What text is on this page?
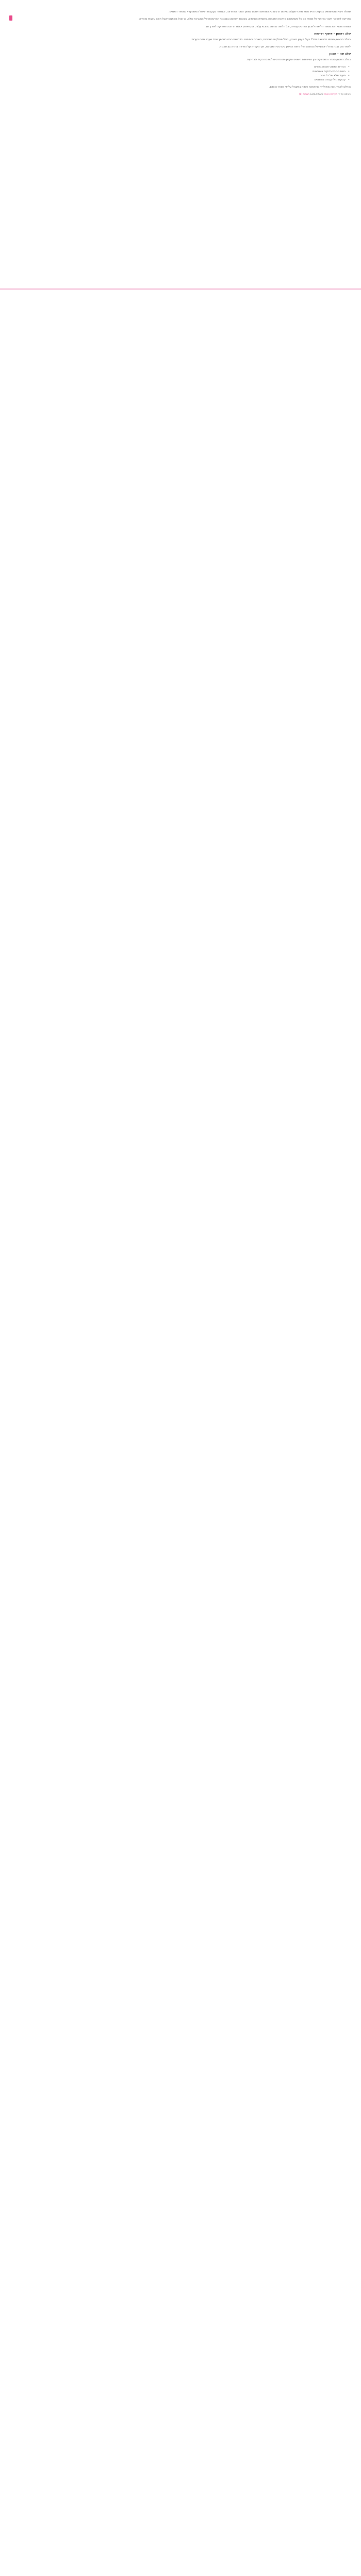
שאלת ריבוי המשתמשים במערכת היא נושא מרכזי שעלה בדיונים הרבים בין הצוותים השונים במשך השנה האחרונה, ובמיוחד בעקבות הגידול המשמעותי במספר המנויים.

הדרישה לאפשר חיבור בו־זמני של מספר רב של משתמשים מחייבת התאמות בתשתית השרתים, בשכבת האחסון ובמנגנוני ההרשאות של המערכת כולה, כך שכל משתמש יקבל חוויה עקבית ומהירה.

הצוות הטכני הציג מספר חלופות לתכנון הארכיטקטורה, וכל חלופה נבחנה בהיבטי עלות, זמן פיתוח, יכולת הרחבה ותחזוקה לאורך זמן.

שלב ראשון – איסוף דרישות

בשלב הראשון נאספו הדרישות מכלל בעלי העניין בארגון, כולל מחלקות המכירות, השירות והפיתוח. הדרישות רוכזו במסמך אחד שעבר סבבי הערות.

לאחר מכן נבנה מודל ראשוני של הנתונים ושל זרימת המידע בין רכיבי המערכת, תוך הקפדה על הפרדה ברורה בין שכבות.

שלב שני – תכנון

בשלב התכנון הוגדרו הממשקים בין השירותים השונים ונקבעו סטנדרטים לכתיבת הקוד ולבדיקות.

• הגדרת ממשקי תכנות ברורים
• בניית סביבת בדיקות אוטומטית
• תיעוד מלא של כל רכיב
• קביעת נהלי עבודה משותפים

הוחלט לאמץ גישה מודולרית שתאפשר פיתוח במקביל על ידי מספר צוותים.

פורסם על ידי מערכת האתר 12/03/2023 תגובות (0)
